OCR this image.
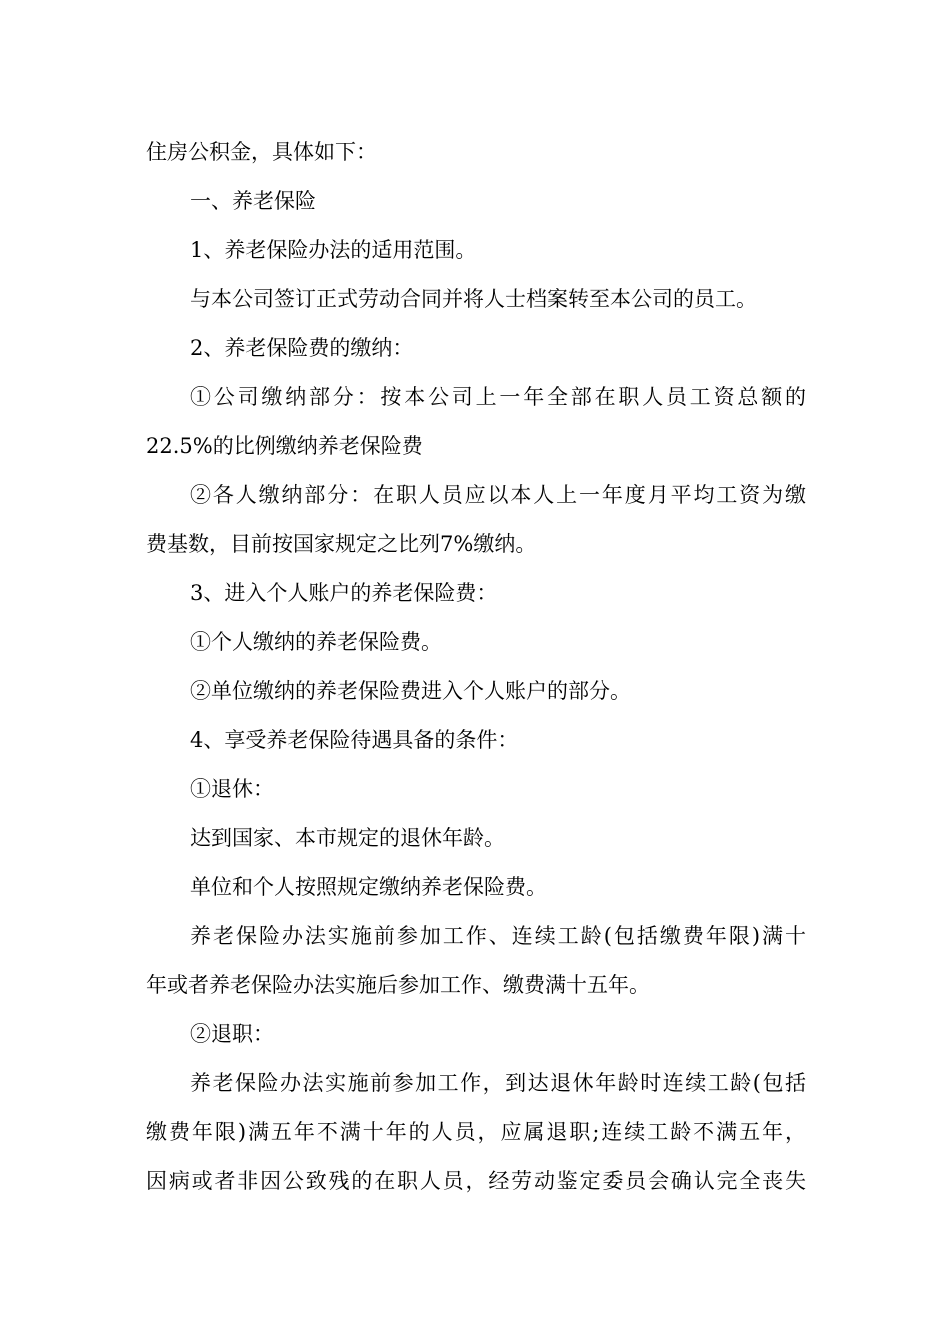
住房公积金，具体如下：
一、养老保险
1、养老保险办法的适用范围。
与本公司签订正式劳动合同并将人士档案转至本公司的员工。
2、养老保险费的缴纳：
①公司缴纳部分：按本公司上一年全部在职人员工资总额的
22.5%的比例缴纳养老保险费
②各人缴纳部分：在职人员应以本人上一年度月平均工资为缴
费基数，目前按国家规定之比列7%缴纳。
3、进入个人账户的养老保险费：
①个人缴纳的养老保险费。
②单位缴纳的养老保险费进入个人账户的部分。
4、享受养老保险待遇具备的条件：
①退休：
达到国家、本市规定的退休年龄。
单位和个人按照规定缴纳养老保险费。
养老保险办法实施前参加工作、连续工龄(包括缴费年限)满十
年或者养老保险办法实施后参加工作、缴费满十五年。
②退职：
养老保险办法实施前参加工作，到达退休年龄时连续工龄(包括
缴费年限)满五年不满十年的人员，应属退职;连续工龄不满五年，
因病或者非因公致残的在职人员，经劳动鉴定委员会确认完全丧失
